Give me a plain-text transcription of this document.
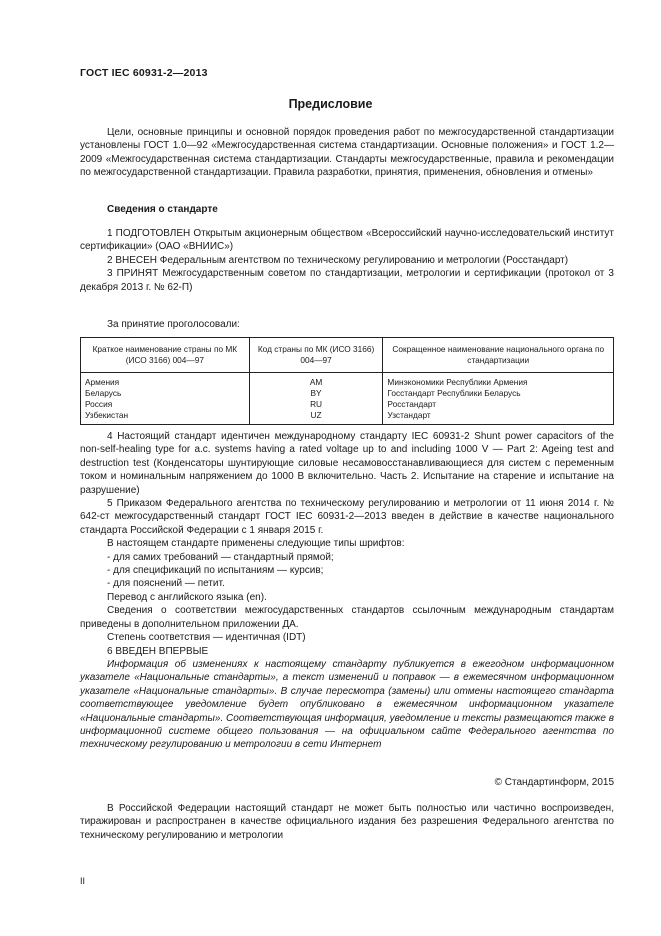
ГОСТ IEC 60931-2—2013
Предисловие

Цели, основные принципы и основной порядок проведения работ по межгосударственной стандартизации установлены ГОСТ 1.0—92 «Межгосударственная система стандартизации. Основные положения» и ГОСТ 1.2—2009 «Межгосударственная система стандартизации. Стандарты межгосударственные, правила и рекомендации по межгосударственной стандартизации. Правила разработки, принятия, применения, обновления и отмены»

Сведения о стандарте

1 ПОДГОТОВЛЕН Открытым акционерным обществом «Всероссийский научно-исследовательский институт сертификации» (ОАО «ВНИИС»)

2 ВНЕСЕН Федеральным агентством по техническому регулированию и метрологии (Росстандарт)

3 ПРИНЯТ Межгосударственным советом по стандартизации, метрологии и сертификации (протокол от 3 декабря 2013 г. № 62-П)

За принятие проголосовали:

Краткое наименование страны по МК (ИСО 3166) 004—97	Код страны по МК (ИСО 3166) 004—97	Сокращенное наименование национального органа по стандартизации
Армения	AM	Минэкономики Республики Армения
Беларусь	BY	Госстандарт Республики Беларусь
Россия	RU	Росстандарт
Узбекистан	UZ	Узстандарт

4 Настоящий стандарт идентичен международному стандарту IEC 60931-2 Shunt power capacitors of the non-self-healing type for a.c. systems having a rated voltage up to and including 1000 V — Part 2: Ageing test and destruction test (Конденсаторы шунтирующие силовые несамовосстанавливающиеся для систем с переменным током и номинальным напряжением до 1000 В включительно. Часть 2. Испытание на старение и испытание на разрушение)

5 Приказом Федерального агентства по техническому регулированию и метрологии от 11 июня 2014 г. № 642-ст межгосударственный стандарт ГОСТ IEC 60931-2—2013 введен в действие в качестве национального стандарта Российской Федерации с 1 января 2015 г.

В настоящем стандарте применены следующие типы шрифтов:

- для самих требований — стандартный прямой;

- для спецификаций по испытаниям — курсив;

- для пояснений — петит.

Перевод с английского языка (en).

Сведения о соответствии межгосударственных стандартов ссылочным международным стандартам приведены в дополнительном приложении ДА.

Степень соответствия — идентичная (IDT)

6 ВВЕДЕН ВПЕРВЫЕ

Информация об изменениях к настоящему стандарту публикуется в ежегодном информационном указателе «Национальные стандарты», а текст изменений и поправок — в ежемесячном информационном указателе «Национальные стандарты». В случае пересмотра (замены) или отмены настоящего стандарта соответствующее уведомление будет опубликовано в ежемесячном информационном указателе «Национальные стандарты». Соответствующая информация, уведомление и тексты размещаются также в информационной системе общего пользования — на официальном сайте Федерального агентства по техническому регулированию и метрологии в сети Интернет

© Стандартинформ, 2015

В Российской Федерации настоящий стандарт не может быть полностью или частично воспроизведен, тиражирован и распространен в качестве официального издания без разрешения Федерального агентства по техническому регулированию и метрологии

II
